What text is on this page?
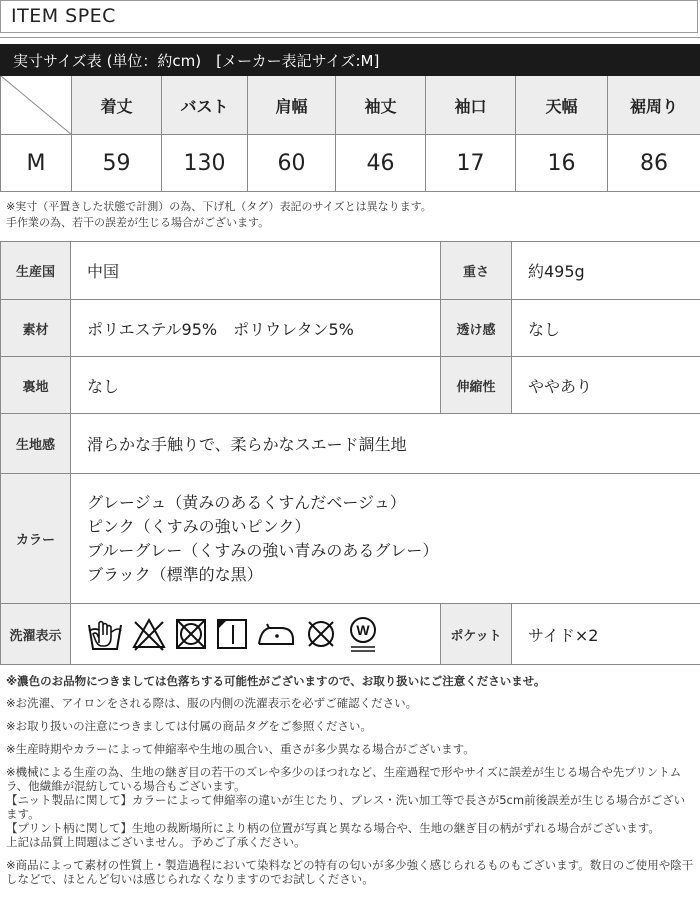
ITEM SPEC
実寸サイズ表 (単位：約cm)　[メーカー表記サイズ:M]							

	着丈	バスト	肩幅	袖丈	袖口	天幅	裾周り
M	59	130	60	46	17	16	86
※実寸（平置きした状態で計測）の為、下げ札（タグ）表記のサイズとは異なります。
手作業の為、若干の誤差が生じる場合がございます。
生産国	中国	重さ	約495g
素材	ポリエステル95%　ポリウレタン5%	透け感	なし
裏地	なし	伸縮性	ややあり
生地感	滑らかな手触りで、柔らかなスエード調生地		
カラー	グレージュ（黄みのあるくすんだベージュ）
ピンク（くすみの強いピンク）
ブルーグレー（くすみの強い青みのあるグレー）
ブラック（標準的な黒）		

洗濯表示	W	ポケット	サイド×2

※濃色のお品物につきましては色落ちする可能性がございますので、お取り扱いにご注意くださいませ。

※お洗濯、アイロンをされる際は、服の内側の洗濯表示を必ずご確認ください。

※お取り扱いの注意につきましては付属の商品タグをご参照ください。

※生産時期やカラーによって伸縮率や生地の風合い、重さが多少異なる場合がございます。

※機械による生産の為、生地の継ぎ目の若干のズレや多少のほつれなど、生産過程で形やサイズに誤差が生じる場合や先プリントムラ、他繊維が混紡している場合もございます。

【ニット製品に関して】カラーによって伸縮率の違いが生じたり、プレス・洗い加工等で長さが5cm前後誤差が生じる場合がございます。

【プリント柄に関して】生地の裁断場所により柄の位置が写真と異なる場合や、生地の継ぎ目の柄がずれる場合がございます。

上記は品質上問題はございません。予めご了承ください。

※商品によって素材の性質上・製造過程において染料などの特有の匂いが多少強く感じられるものもございます。数日のご使用や陰干しなどで、ほとんど匂いは感じられなくなりますのでお試しください。
